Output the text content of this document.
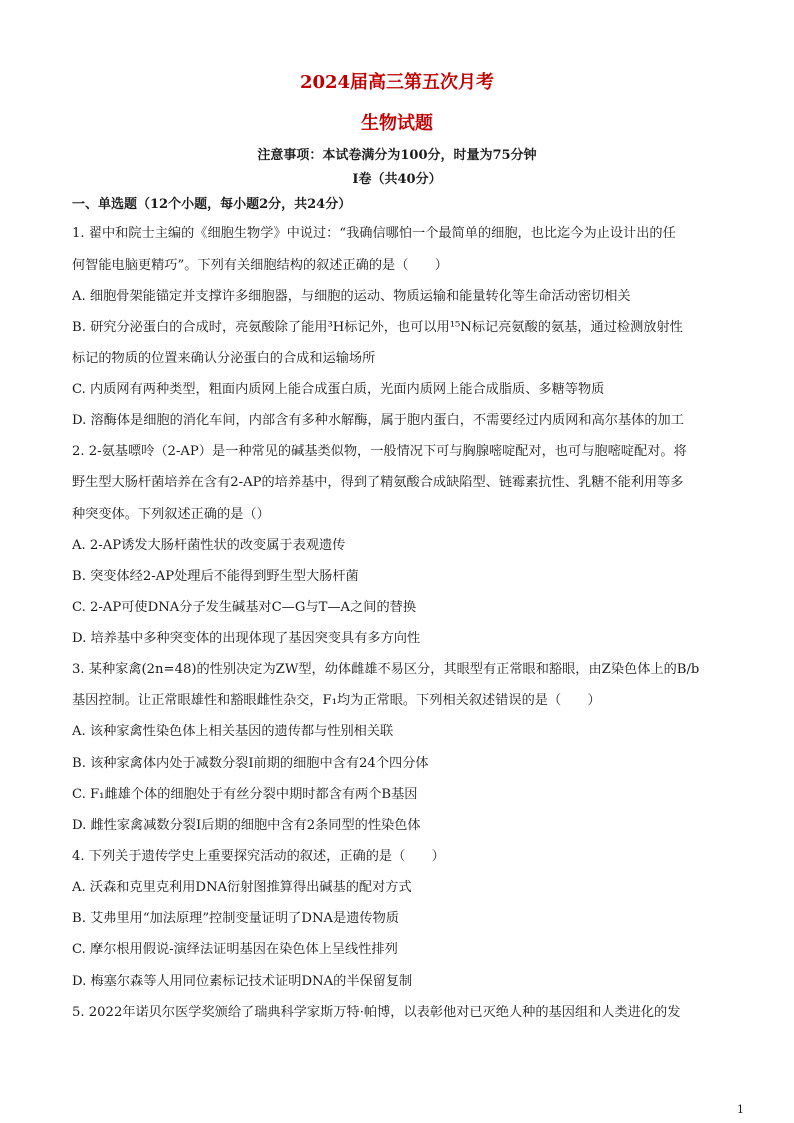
2024届高三第五次月考
生物试题
注意事项：本试卷满分为100分，时量为75分钟
Ⅰ卷（共40分）
一、单选题（12个小题，每小题2分，共24分）
1. 翟中和院士主编的《细胞生物学》中说过：“我确信哪怕一个最简单的细胞，也比迄今为止设计出的任
何智能电脑更精巧”。下列有关细胞结构的叙述正确的是（　　）
A. 细胞骨架能锚定并支撑许多细胞器，与细胞的运动、物质运输和能量转化等生命活动密切相关
B. 研究分泌蛋白的合成时，亮氨酸除了能用³H标记外，也可以用¹⁵N标记亮氨酸的氨基，通过检测放射性
标记的物质的位置来确认分泌蛋白的合成和运输场所
C. 内质网有两种类型，粗面内质网上能合成蛋白质，光面内质网上能合成脂质、多糖等物质
D. 溶酶体是细胞的消化车间，内部含有多种水解酶，属于胞内蛋白，不需要经过内质网和高尔基体的加工
2. 2-氨基嘌呤（2-AP）是一种常见的碱基类似物，一般情况下可与胸腺嘧啶配对，也可与胞嘧啶配对。将
野生型大肠杆菌培养在含有2-AP的培养基中，得到了精氨酸合成缺陷型、链霉素抗性、乳糖不能利用等多
种突变体。下列叙述正确的是（）
A. 2-AP诱发大肠杆菌性状的改变属于表观遗传
B. 突变体经2-AP处理后不能得到野生型大肠杆菌
C. 2-AP可使DNA分子发生碱基对C—G与T—A之间的替换
D. 培养基中多种突变体的出现体现了基因突变具有多方向性
3. 某种家禽(2n=48)的性别决定为ZW型，幼体雌雄不易区分，其眼型有正常眼和豁眼，由Z染色体上的B/b
基因控制。让正常眼雄性和豁眼雌性杂交，F₁均为正常眼。下列相关叙述错误的是（　　）
A. 该种家禽性染色体上相关基因的遗传都与性别相关联
B. 该种家禽体内处于减数分裂Ⅰ前期的细胞中含有24个四分体
C. F₁雌雄个体的细胞处于有丝分裂中期时都含有两个B基因
D. 雌性家禽减数分裂Ⅰ后期的细胞中含有2条同型的性染色体
4. 下列关于遗传学史上重要探究活动的叙述，正确的是（　　）
A. 沃森和克里克利用DNA衍射图推算得出碱基的配对方式
B. 艾弗里用“加法原理”控制变量证明了DNA是遗传物质
C. 摩尔根用假说-演绎法证明基因在染色体上呈线性排列
D. 梅塞尔森等人用同位素标记技术证明DNA的半保留复制
5. 2022年诺贝尔医学奖颁给了瑞典科学家斯万特·帕博，以表彰他对已灭绝人种的基因组和人类进化的发
1
